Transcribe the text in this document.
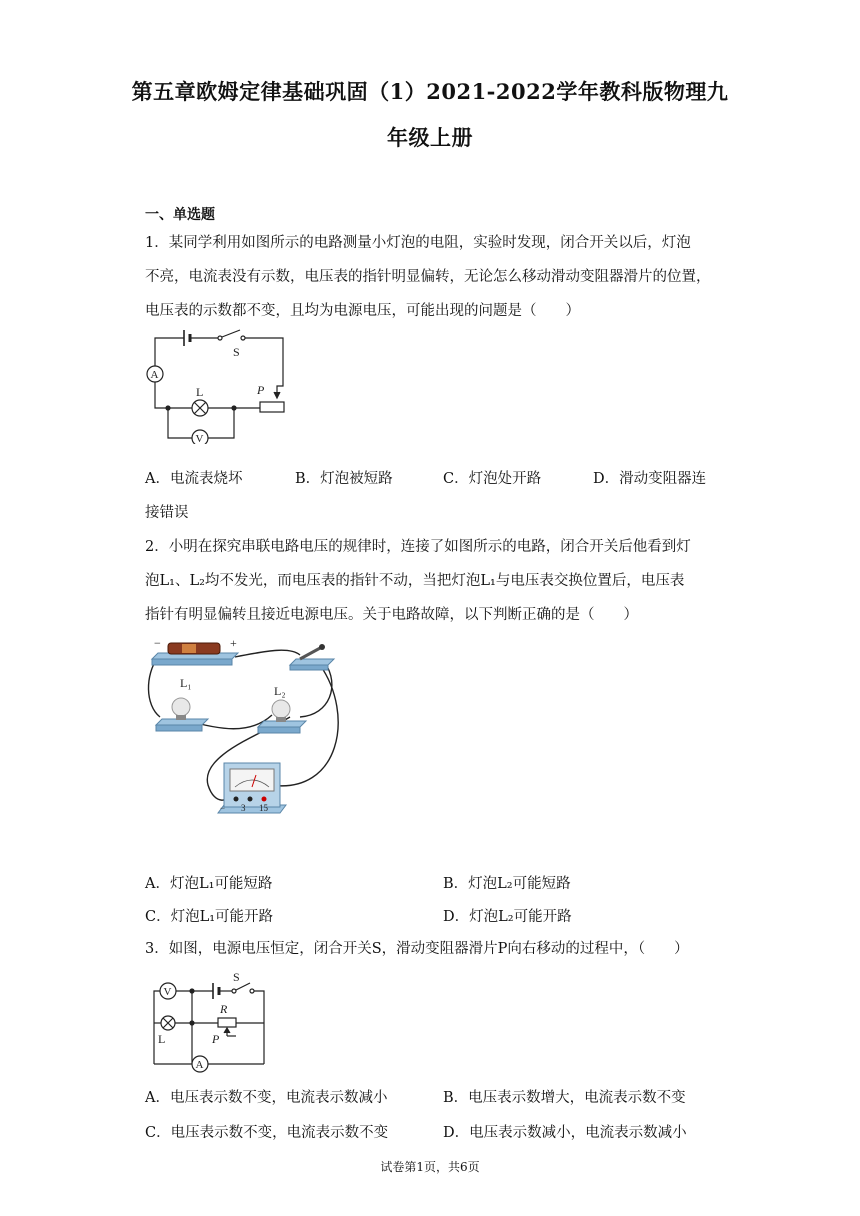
第五章欧姆定律基础巩固（1）2021-2022学年教科版物理九
年级上册
一、单选题
1．某同学利用如图所示的电路测量小灯泡的电阻，实验时发现，闭合开关以后，灯泡
不亮，电流表没有示数，电压表的指针明显偏转，无论怎么移动滑动变阻器滑片的位置，
电压表的示数都不变，且均为电源电压，可能出现的问题是（　　）
S
A
L	P
V
A．电流表烧坏	B．灯泡被短路	C．灯泡处开路	D．滑动变阻器连
接错误
2．小明在探究串联电路电压的规律时，连接了如图所示的电路，闭合开关后他看到灯
泡L₁、L₂均不发光，而电压表的指针不动，当把灯泡L₁与电压表交换位置后，电压表
指针有明显偏转且接近电源电压。关于电路故障，以下判断正确的是（　　）
−	+
L₁
L₂
− 3 15
A．灯泡L₁可能短路	B．灯泡L₂可能短路
C．灯泡L₁可能开路	D．灯泡L₂可能开路
3．如图，电源电压恒定，闭合开关S，滑动变阻器滑片P向右移动的过程中，（　　）
S
V
L
R
P
A
A．电压表示数不变，电流表示数减小	B．电压表示数增大，电流表示数不变
C．电压表示数不变，电流表示数不变	D．电压表示数减小，电流表示数减小
试卷第1页，共6页
